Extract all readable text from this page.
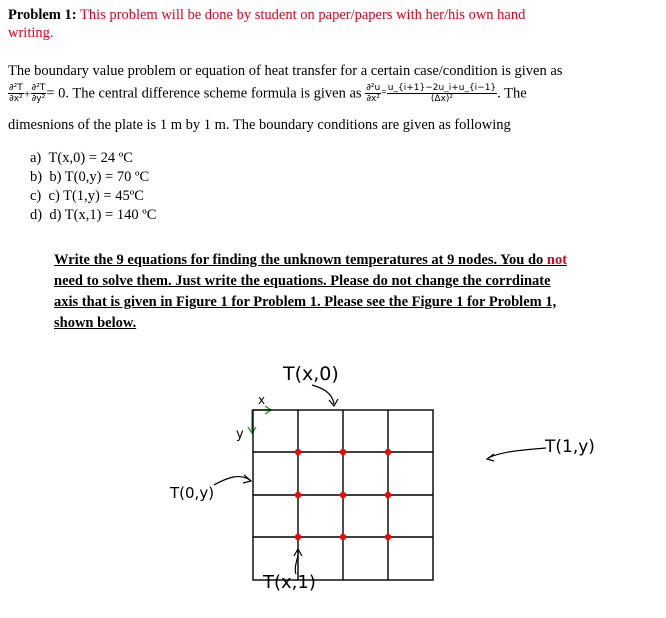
Problem 1: This problem will be done by student on paper/papers with her/his own hand
writing.
The boundary value problem or equation of heat transfer for a certain case/condition is given as
$\frac{\text{∂²T}}{\text{∂x²}} + \frac{\text{∂²T}}{\text{∂y²}} = 0$. The central difference scheme formula is given as $\frac{\text{∂²u}}{\text{∂x²}} = \frac{u\_\{i+1\}-2u\_i+u\_\{i-1\}}{\text{(Δx)²}}$ . The
dimesnions of the plate is 1 m by 1 m. The boundary conditions are given as following
a) T(x,0) = 24 ºC
b) b) T(0,y) = 70 ºC
c) c) T(1,y) = 45ºC
d) d) T(x,1) = 140 ºC
Write the 9 equations for finding the unknown temperatures at 9 nodes. You do not
need to solve them. Just write the equations. Please do not change the corrdinate
axis that is given in Figure 1 for Problem 1. Please see the Figure 1 for Problem 1,
shown below.
T(x,0)
T(1,y)
T(0,y)
T(x,1)
x
y
